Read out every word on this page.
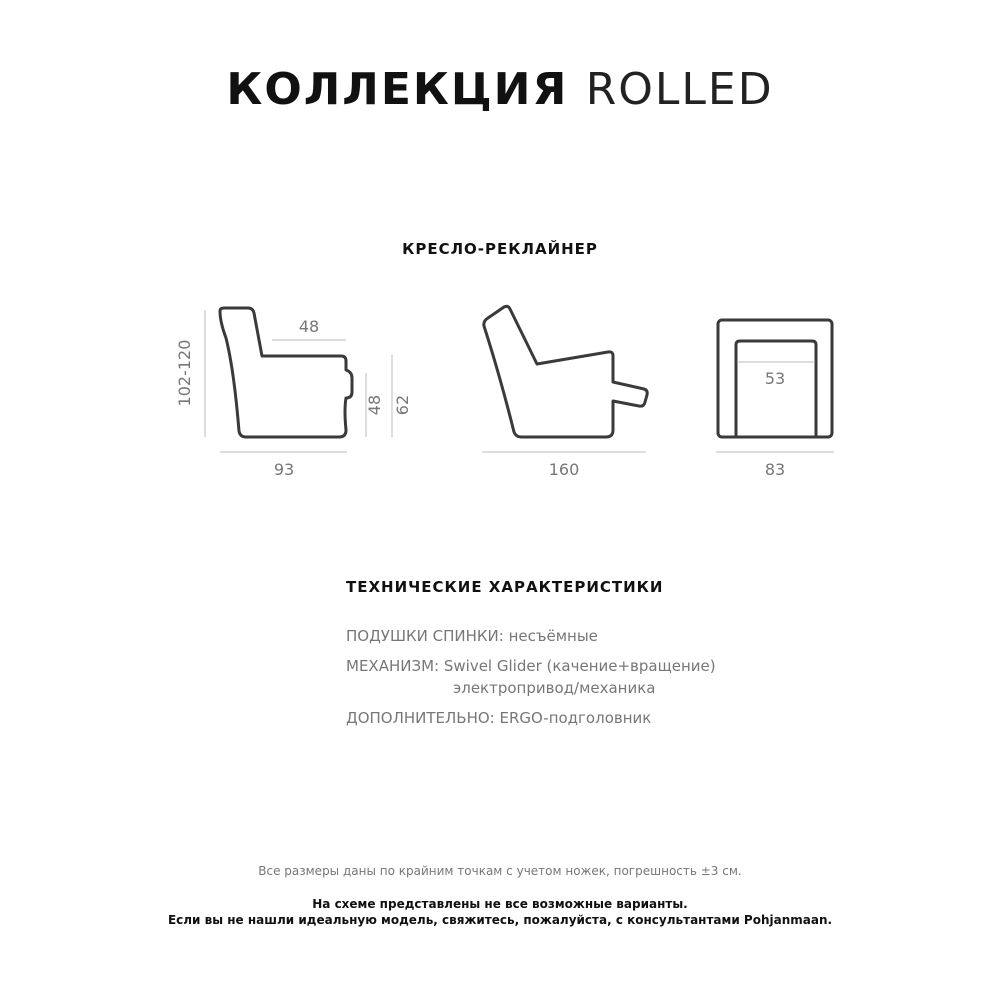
КОЛЛЕКЦИЯ ROLLED
КРЕСЛО-РЕКЛАЙНЕР
102-120
48
48 62
93	160
53
83
ТЕХНИЧЕСКИЕ ХАРАКТЕРИСТИКИ
ПОДУШКИ СПИНКИ: несъёмные
МЕХАНИЗМ: Swivel Glider (качение+вращение)
электропривод/механика
ДОПОЛНИТЕЛЬНО: ERGO-подголовник
Все размеры даны по крайним точкам с учетом ножек, погрешность ±3 см.
На схеме представлены не все возможные варианты.
Если вы не нашли идеальную модель, свяжитесь, пожалуйста, с консультантами Pohjanmaan.
